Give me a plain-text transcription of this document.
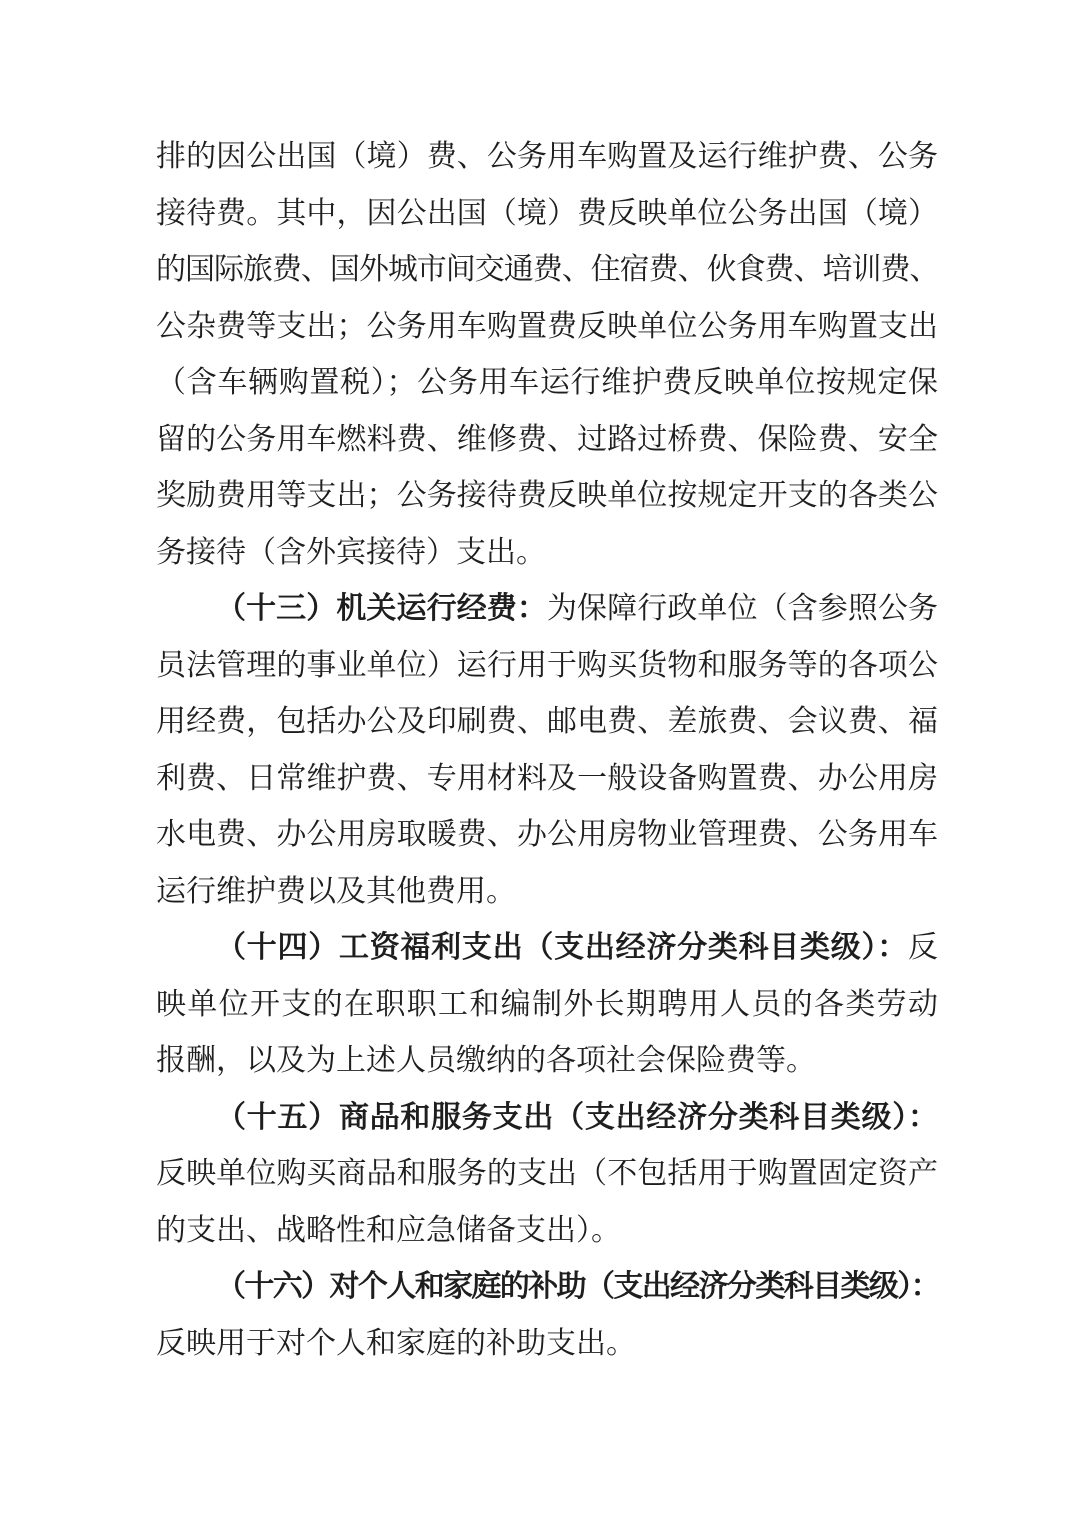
排的因公出国（境）费、公务用车购置及运行维护费、公务
接待费。其中，因公出国（境）费反映单位公务出国（境）
的国际旅费、国外城市间交通费、住宿费、伙食费、培训费、
公杂费等支出；公务用车购置费反映单位公务用车购置支出
（含车辆购置税）；公务用车运行维护费反映单位按规定保
留的公务用车燃料费、维修费、过路过桥费、保险费、安全
奖励费用等支出；公务接待费反映单位按规定开支的各类公
务接待（含外宾接待）支出。
（十三）机关运行经费：为保障行政单位（含参照公务
员法管理的事业单位）运行用于购买货物和服务等的各项公
用经费，包括办公及印刷费、邮电费、差旅费、会议费、福
利费、日常维护费、专用材料及一般设备购置费、办公用房
水电费、办公用房取暖费、办公用房物业管理费、公务用车
运行维护费以及其他费用。
（十四）工资福利支出（支出经济分类科目类级）：反
映单位开支的在职职工和编制外长期聘用人员的各类劳动
报酬，以及为上述人员缴纳的各项社会保险费等。
（十五）商品和服务支出（支出经济分类科目类级）：
反映单位购买商品和服务的支出（不包括用于购置固定资产
的支出、战略性和应急储备支出）。
（十六）对个人和家庭的补助（支出经济分类科目类级）：
反映用于对个人和家庭的补助支出。
